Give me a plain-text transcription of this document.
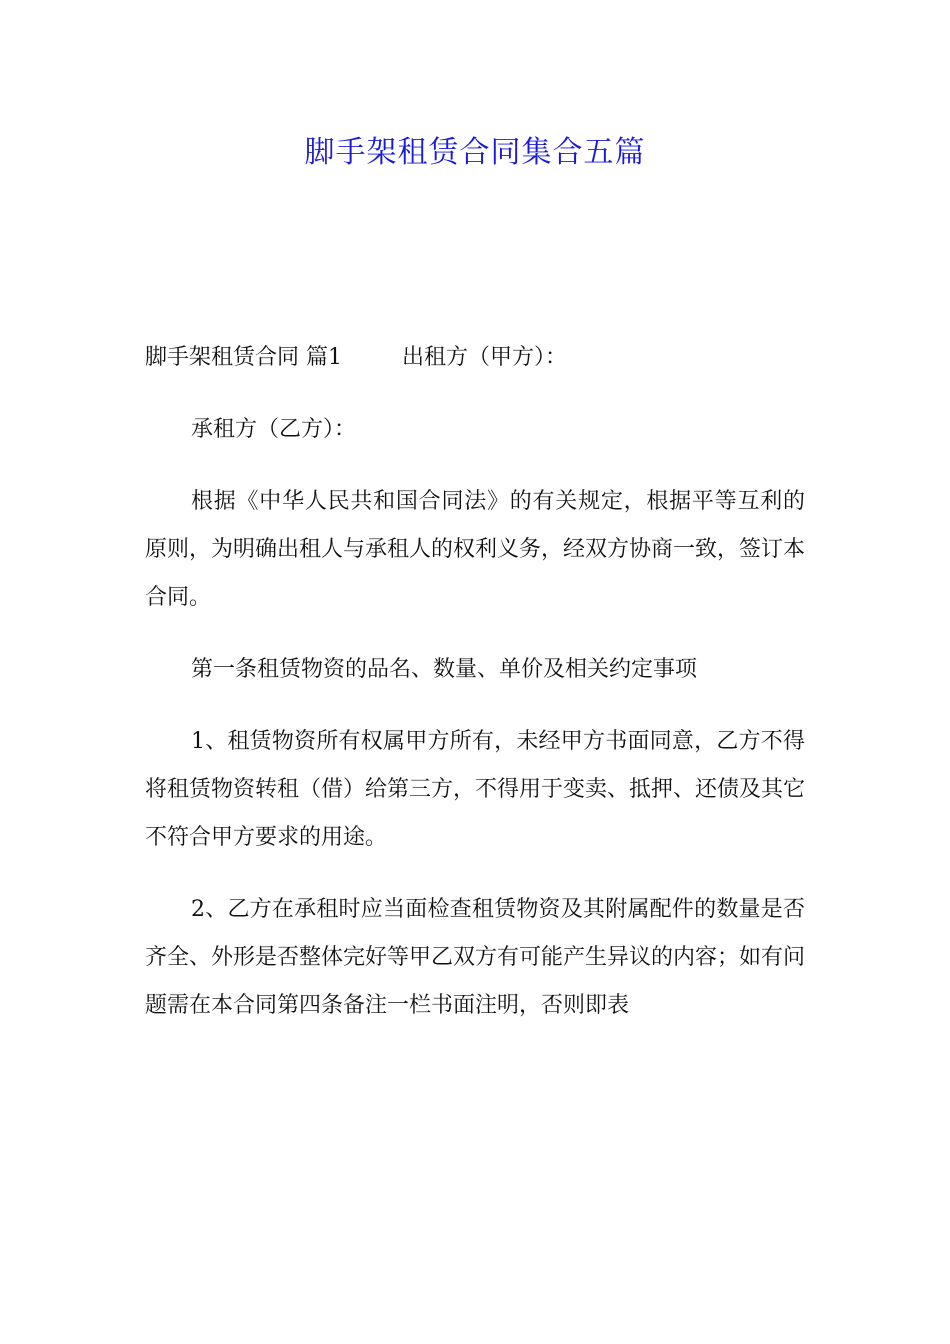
脚手架租赁合同集合五篇

脚手架租赁合同 篇1	出租方（甲方）：

承租方（乙方）：

根据《中华人民共和国合同法》的有关规定，根据平等互利的原则，为明确出租人与承租人的权利义务，经双方协商一致，签订本合同。

第一条租赁物资的品名、数量、单价及相关约定事项

1、租赁物资所有权属甲方所有，未经甲方书面同意，乙方不得将租赁物资转租（借）给第三方，不得用于变卖、抵押、还债及其它不符合甲方要求的用途。

2、乙方在承租时应当面检查租赁物资及其附属配件的数量是否齐全、外形是否整体完好等甲乙双方有可能产生异议的内容；如有问题需在本合同第四条备注一栏书面注明，否则即表
